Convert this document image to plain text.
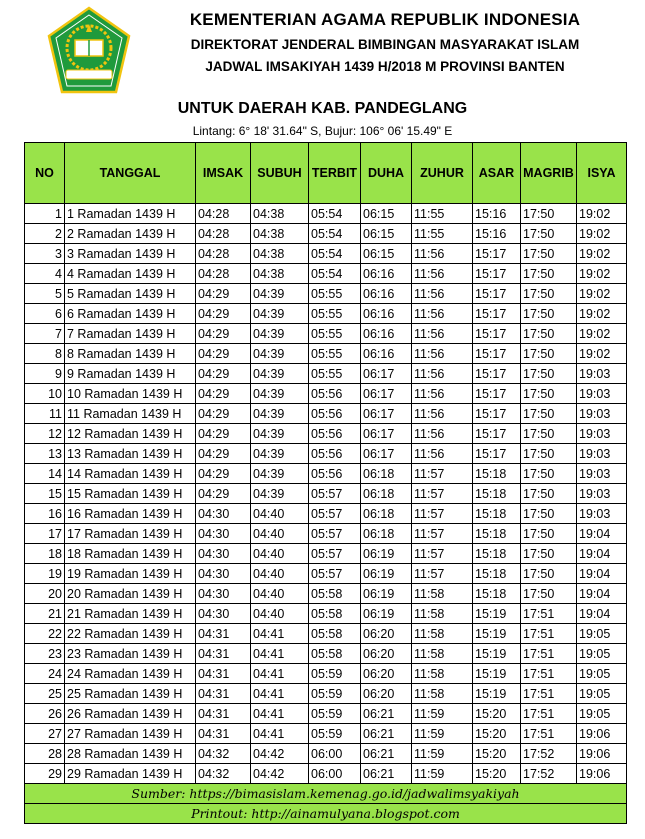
KEMENTERIAN AGAMA REPUBLIK INDONESIA
DIREKTORAT JENDERAL BIMBINGAN MASYARAKAT ISLAM
JADWAL IMSAKIYAH 1439 H/2018 M PROVINSI BANTEN
UNTUK DAERAH KAB. PANDEGLANG
Lintang: 6° 18' 31.64" S, Bujur: 106° 06' 15.49" E
NO	TANGGAL	IMSAK	SUBUH	TERBIT	DUHA	ZUHUR	ASAR	MAGRIB	ISYA
1	1 Ramadan 1439 H	04:28	04:38	05:54	06:15	11:55	15:16	17:50	19:02
2	2 Ramadan 1439 H	04:28	04:38	05:54	06:15	11:55	15:16	17:50	19:02
3	3 Ramadan 1439 H	04:28	04:38	05:54	06:15	11:56	15:17	17:50	19:02
4	4 Ramadan 1439 H	04:28	04:38	05:54	06:16	11:56	15:17	17:50	19:02
5	5 Ramadan 1439 H	04:29	04:39	05:55	06:16	11:56	15:17	17:50	19:02
6	6 Ramadan 1439 H	04:29	04:39	05:55	06:16	11:56	15:17	17:50	19:02
7	7 Ramadan 1439 H	04:29	04:39	05:55	06:16	11:56	15:17	17:50	19:02
8	8 Ramadan 1439 H	04:29	04:39	05:55	06:16	11:56	15:17	17:50	19:02
9	9 Ramadan 1439 H	04:29	04:39	05:55	06:17	11:56	15:17	17:50	19:03
10	10 Ramadan 1439 H	04:29	04:39	05:56	06:17	11:56	15:17	17:50	19:03
11	11 Ramadan 1439 H	04:29	04:39	05:56	06:17	11:56	15:17	17:50	19:03
12	12 Ramadan 1439 H	04:29	04:39	05:56	06:17	11:56	15:17	17:50	19:03
13	13 Ramadan 1439 H	04:29	04:39	05:56	06:17	11:56	15:17	17:50	19:03
14	14 Ramadan 1439 H	04:29	04:39	05:56	06:18	11:57	15:18	17:50	19:03
15	15 Ramadan 1439 H	04:29	04:39	05:57	06:18	11:57	15:18	17:50	19:03
16	16 Ramadan 1439 H	04:30	04:40	05:57	06:18	11:57	15:18	17:50	19:03
17	17 Ramadan 1439 H	04:30	04:40	05:57	06:18	11:57	15:18	17:50	19:04
18	18 Ramadan 1439 H	04:30	04:40	05:57	06:19	11:57	15:18	17:50	19:04
19	19 Ramadan 1439 H	04:30	04:40	05:57	06:19	11:57	15:18	17:50	19:04
20	20 Ramadan 1439 H	04:30	04:40	05:58	06:19	11:58	15:18	17:50	19:04
21	21 Ramadan 1439 H	04:30	04:40	05:58	06:19	11:58	15:19	17:51	19:04
22	22 Ramadan 1439 H	04:31	04:41	05:58	06:20	11:58	15:19	17:51	19:05
23	23 Ramadan 1439 H	04:31	04:41	05:58	06:20	11:58	15:19	17:51	19:05
24	24 Ramadan 1439 H	04:31	04:41	05:59	06:20	11:58	15:19	17:51	19:05
25	25 Ramadan 1439 H	04:31	04:41	05:59	06:20	11:58	15:19	17:51	19:05
26	26 Ramadan 1439 H	04:31	04:41	05:59	06:21	11:59	15:20	17:51	19:05
27	27 Ramadan 1439 H	04:31	04:41	05:59	06:21	11:59	15:20	17:51	19:06
28	28 Ramadan 1439 H	04:32	04:42	06:00	06:21	11:59	15:20	17:52	19:06
29	29 Ramadan 1439 H	04:32	04:42	06:00	06:21	11:59	15:20	17:52	19:06
Sumber: https://bimasislam.kemenag.go.id/jadwalimsyakiyah									
Printout: http://ainamulyana.blogspot.com									
